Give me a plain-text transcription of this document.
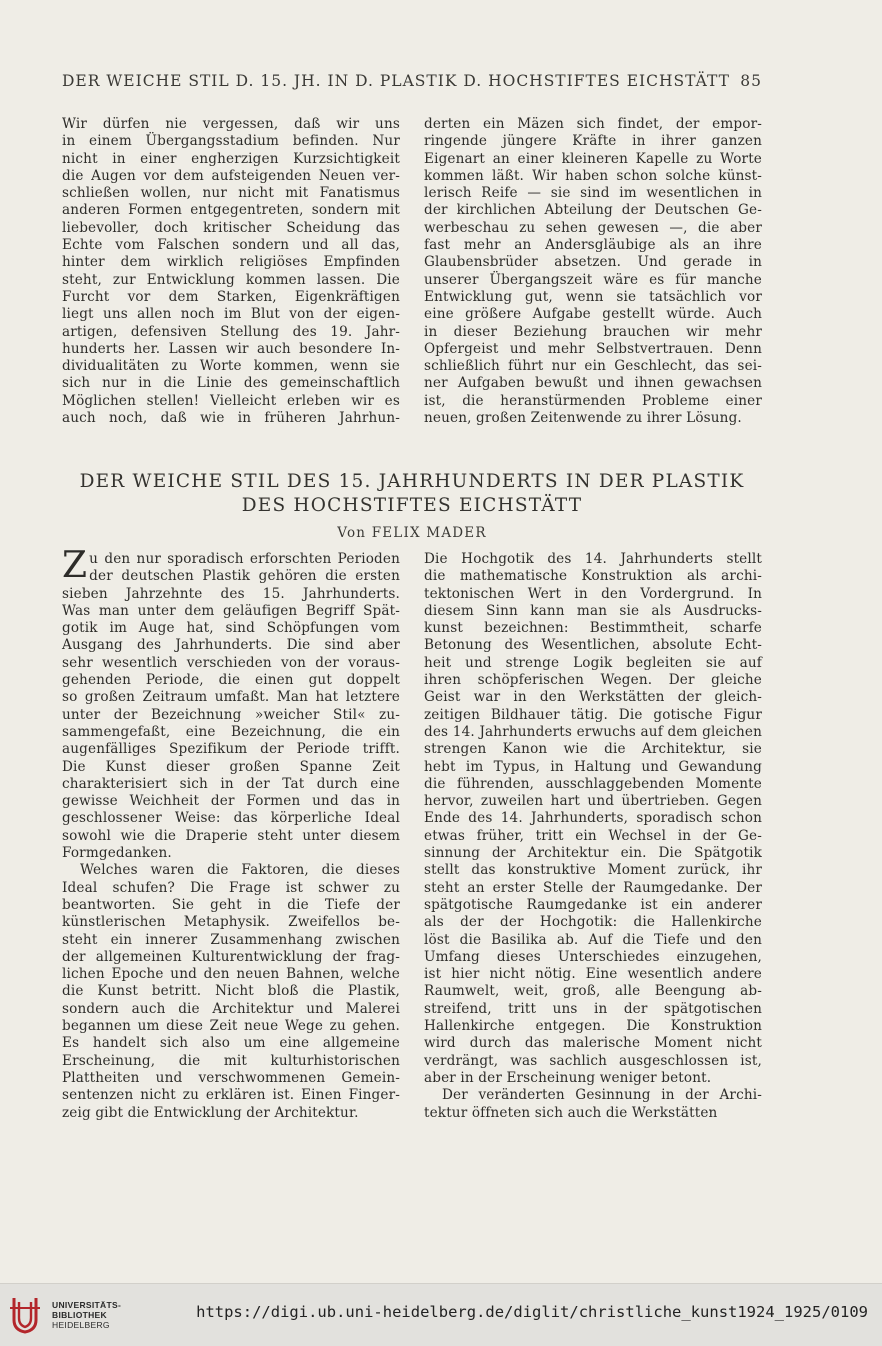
DER WEICHE STIL D. 15. JH. IN D. PLASTIK D. HOCHSTIFTES EICHSTÄTT 85
Wir dürfen nie vergessen, daß wir uns
in einem Übergangsstadium befinden. Nur
nicht in einer engherzigen Kurzsichtigkeit
die Augen vor dem aufsteigenden Neuen ver-
schließen wollen, nur nicht mit Fanatismus
anderen Formen entgegentreten, sondern mit
liebevoller, doch kritischer Scheidung das
Echte vom Falschen sondern und all das,
hinter dem wirklich religiöses Empfinden
steht, zur Entwicklung kommen lassen. Die
Furcht vor dem Starken, Eigenkräftigen
liegt uns allen noch im Blut von der eigen-
artigen, defensiven Stellung des 19. Jahr-
hunderts her. Lassen wir auch besondere In-
dividualitäten zu Worte kommen, wenn sie
sich nur in die Linie des gemeinschaftlich
Möglichen stellen! Vielleicht erleben wir es
auch noch, daß wie in früheren Jahrhun-
derten ein Mäzen sich findet, der empor-
ringende jüngere Kräfte in ihrer ganzen
Eigenart an einer kleineren Kapelle zu Worte
kommen läßt. Wir haben schon solche künst-
lerisch Reife — sie sind im wesentlichen in
der kirchlichen Abteilung der Deutschen Ge-
werbeschau zu sehen gewesen —, die aber
fast mehr an Andersgläubige als an ihre
Glaubensbrüder absetzen. Und gerade in
unserer Übergangszeit wäre es für manche
Entwicklung gut, wenn sie tatsächlich vor
eine größere Aufgabe gestellt würde. Auch
in dieser Beziehung brauchen wir mehr
Opfergeist und mehr Selbstvertrauen. Denn
schließlich führt nur ein Geschlecht, das sei-
ner Aufgaben bewußt und ihnen gewachsen
ist, die heranstürmenden Probleme einer
neuen, großen Zeitenwende zu ihrer Lösung.
DER WEICHE STIL DES 15. JAHRHUNDERTS IN DER PLASTIK
DES HOCHSTIFTES EICHSTÄTT
Von FELIX MADER
Z u den nur sporadisch erforschten Perioden
der deutschen Plastik gehören die ersten
sieben Jahrzehnte des 15. Jahrhunderts.
Was man unter dem geläufigen Begriff Spät-
gotik im Auge hat, sind Schöpfungen vom
Ausgang des Jahrhunderts. Die sind aber
sehr wesentlich verschieden von der voraus-
gehenden Periode, die einen gut doppelt
so großen Zeitraum umfaßt. Man hat letztere
unter der Bezeichnung »weicher Stil« zu-
sammengefaßt, eine Bezeichnung, die ein
augenfälliges Spezifikum der Periode trifft.
Die Kunst dieser großen Spanne Zeit
charakterisiert sich in der Tat durch eine
gewisse Weichheit der Formen und das in
geschlossener Weise: das körperliche Ideal
sowohl wie die Draperie steht unter diesem
Formgedanken.
Welches waren die Faktoren, die dieses
Ideal schufen? Die Frage ist schwer zu
beantworten. Sie geht in die Tiefe der
künstlerischen Metaphysik. Zweifellos be-
steht ein innerer Zusammenhang zwischen
der allgemeinen Kulturentwicklung der frag-
lichen Epoche und den neuen Bahnen, welche
die Kunst betritt. Nicht bloß die Plastik,
sondern auch die Architektur und Malerei
begannen um diese Zeit neue Wege zu gehen.
Es handelt sich also um eine allgemeine
Erscheinung, die mit kulturhistorischen
Plattheiten und verschwommenen Gemein-
sentenzen nicht zu erklären ist. Einen Finger-
zeig gibt die Entwicklung der Architektur.
Die Hochgotik des 14. Jahrhunderts stellt
die mathematische Konstruktion als archi-
tektonischen Wert in den Vordergrund. In
diesem Sinn kann man sie als Ausdrucks-
kunst bezeichnen: Bestimmtheit, scharfe
Betonung des Wesentlichen, absolute Echt-
heit und strenge Logik begleiten sie auf
ihren schöpferischen Wegen. Der gleiche
Geist war in den Werkstätten der gleich-
zeitigen Bildhauer tätig. Die gotische Figur
des 14. Jahrhunderts erwuchs auf dem gleichen
strengen Kanon wie die Architektur, sie
hebt im Typus, in Haltung und Gewandung
die führenden, ausschlaggebenden Momente
hervor, zuweilen hart und übertrieben. Gegen
Ende des 14. Jahrhunderts, sporadisch schon
etwas früher, tritt ein Wechsel in der Ge-
sinnung der Architektur ein. Die Spätgotik
stellt das konstruktive Moment zurück, ihr
steht an erster Stelle der Raumgedanke. Der
spätgotische Raumgedanke ist ein anderer
als der der Hochgotik: die Hallenkirche
löst die Basilika ab. Auf die Tiefe und den
Umfang dieses Unterschiedes einzugehen,
ist hier nicht nötig. Eine wesentlich andere
Raumwelt, weit, groß, alle Beengung ab-
streifend, tritt uns in der spätgotischen
Hallenkirche entgegen. Die Konstruktion
wird durch das malerische Moment nicht
verdrängt, was sachlich ausgeschlossen ist,
aber in der Erscheinung weniger betont.
Der veränderten Gesinnung in der Archi-
tektur öffneten sich auch die Werkstätten
UNIVERSITÄTS-
BIBLIOTHEK
HEIDELBERG
https://digi.ub.uni-heidelberg.de/diglit/christliche_kunst1924_1925/0109
